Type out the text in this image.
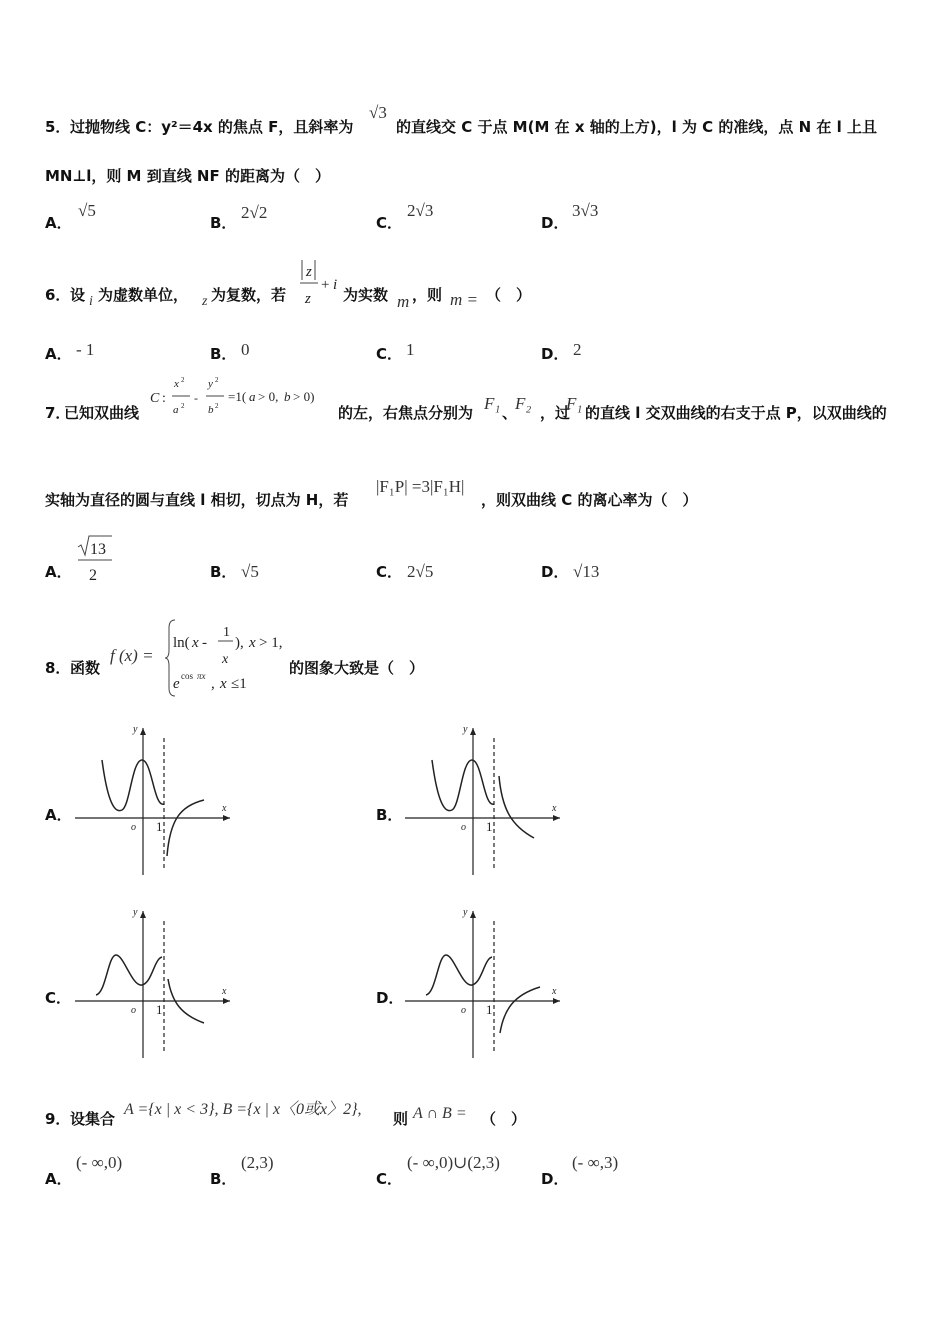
5． 过抛物线 C：y²＝4x 的焦点 F，且斜率为
√3
的直线交 C 于点 M(M 在 x 轴的上方)，l 为 C 的准线，点 N 在 l 上且
MN⊥l，则 M 到直线 NF 的距离为（　）
A．
√5
B．
2√2
C．
2√3
D．
3√3
6． 设 i 为虚数单位， z 为复数，若
z
z
+ i
为实数 m ，则 m = （　）
A． - 1	B． 0	C． 1	D． 2
7．
已知双曲线
C :
x 2
a 2
-
y 2
b 2
=1( a > 0, b > 0)
的左，右焦点分别为 F₁ 、
F₂ ，过
F₁ 的直线 l 交双曲线的右支于点 P，以双曲线的
实轴为直径的圆与直线 l 相切，切点为 H，若
|F₁P| =3|F₁H|
，则双曲线 C 的离心率为（　）
A．
13
2	B． √5	C． 2√5	D． √13
8． 函数
f (x) =
ln( x -
1
x
), x > 1,
e cos πx , x ≤1
的图象大致是（　）
A．
y
x
o 1
B．
y
x
o 1
C．
y
x
o 1
D．
y
x
o 1
9． 设集合
A ={x | x < 3}, B ={x | x〈0或x〉2},
则 A ∩ B = （　）
A．
(- ∞,0)
B．
(2,3)
C．
(- ∞,0)∪(2,3)
D．
(- ∞,3)
